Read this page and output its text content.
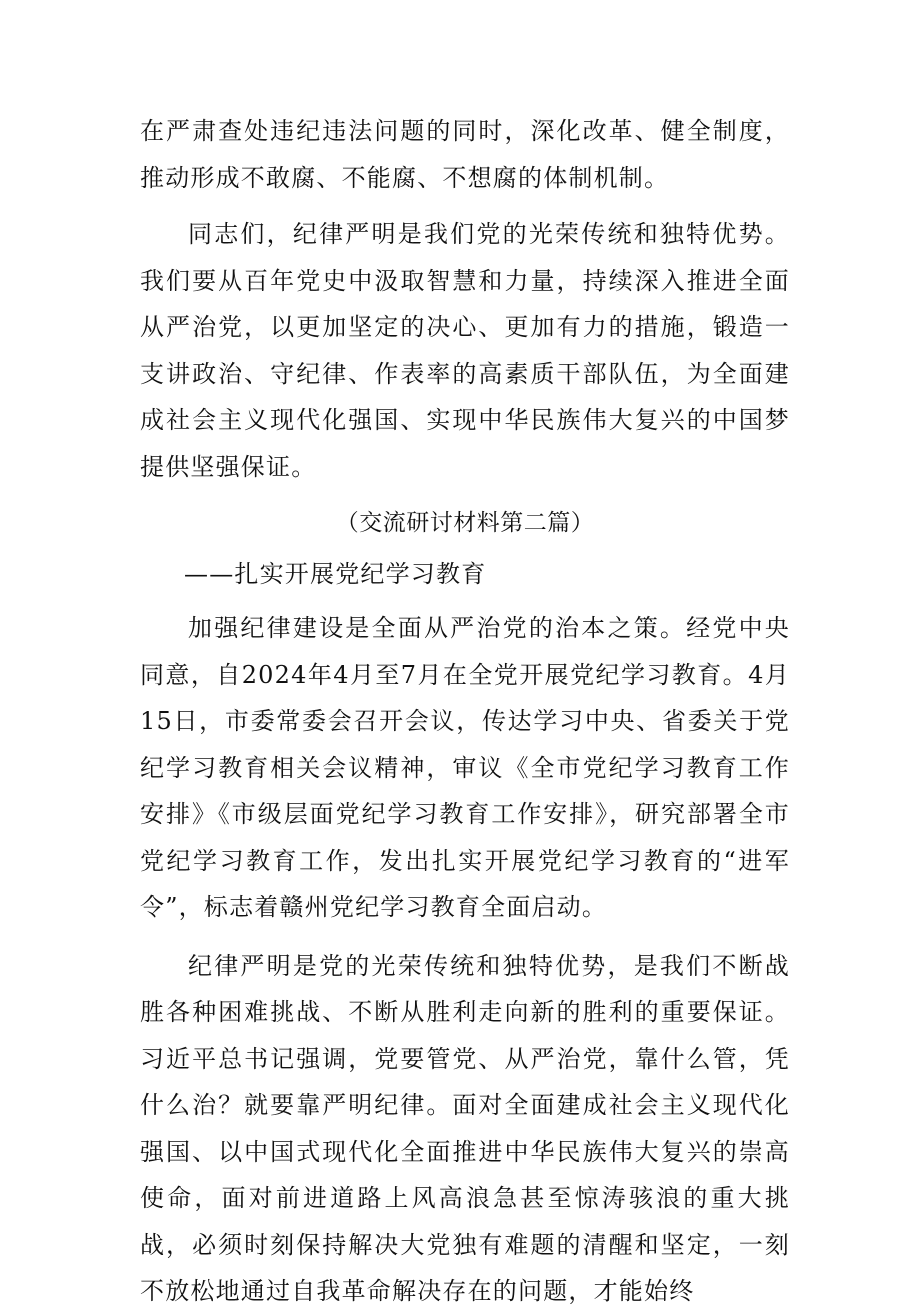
在严肃查处违纪违法问题的同时，深化改革、健全制度，推动形成不敢腐、不能腐、不想腐的体制机制。

同志们，纪律严明是我们党的光荣传统和独特优势。我们要从百年党史中汲取智慧和力量，持续深入推进全面从严治党，以更加坚定的决心、更加有力的措施，锻造一支讲政治、守纪律、作表率的高素质干部队伍，为全面建成社会主义现代化强国、实现中华民族伟大复兴的中国梦提供坚强保证。

（交流研讨材料第二篇）

——扎实开展党纪学习教育

加强纪律建设是全面从严治党的治本之策。经党中央同意，自2024年4月至7月在全党开展党纪学习教育。4月15日，市委常委会召开会议，传达学习中央、省委关于党纪学习教育相关会议精神，审议《全市党纪学习教育工作安排》《市级层面党纪学习教育工作安排》，研究部署全市党纪学习教育工作，发出扎实开展党纪学习教育的“进军令”，标志着赣州党纪学习教育全面启动。

纪律严明是党的光荣传统和独特优势，是我们不断战胜各种困难挑战、不断从胜利走向新的胜利的重要保证。习近平总书记强调，党要管党、从严治党，靠什么管，凭什么治？就要靠严明纪律。面对全面建成社会主义现代化强国、以中国式现代化全面推进中华民族伟大复兴的崇高使命，面对前进道路上风高浪急甚至惊涛骇浪的重大挑战，必须时刻保持解决大党独有难题的清醒和坚定，一刻不放松地通过自我革命解决存在的问题，才能始终
